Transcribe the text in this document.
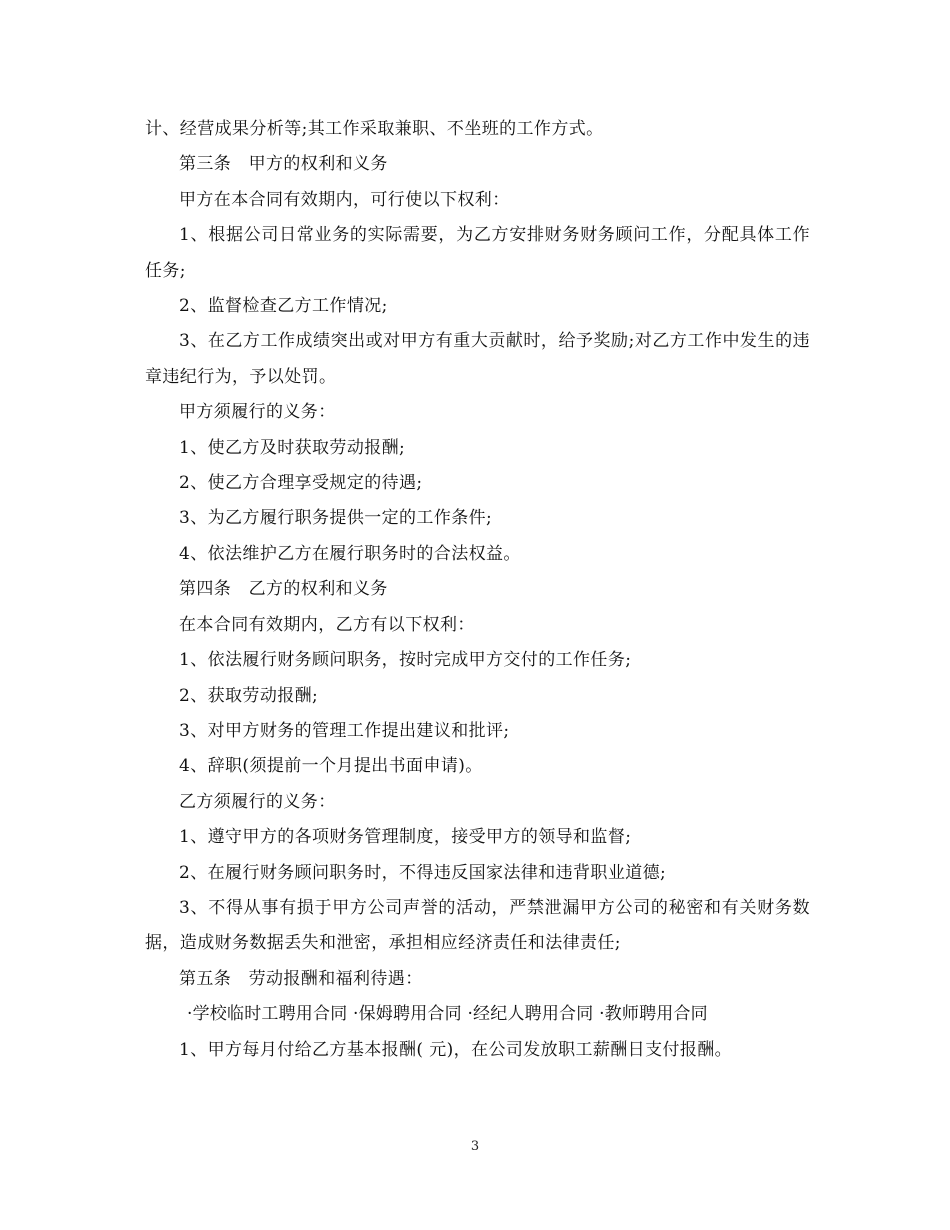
计、经营成果分析等;其工作采取兼职、不坐班的工作方式。

第三条　甲方的权利和义务

甲方在本合同有效期内，可行使以下权利：

1、根据公司日常业务的实际需要，为乙方安排财务财务顾问工作，分配具体工作任务;

2、监督检查乙方工作情况;

3、在乙方工作成绩突出或对甲方有重大贡献时，给予奖励;对乙方工作中发生的违章违纪行为，予以处罚。

甲方须履行的义务：

1、使乙方及时获取劳动报酬;

2、使乙方合理享受规定的待遇;

3、为乙方履行职务提供一定的工作条件;

4、依法维护乙方在履行职务时的合法权益。

第四条　乙方的权利和义务

在本合同有效期内，乙方有以下权利：

1、依法履行财务顾问职务，按时完成甲方交付的工作任务;

2、获取劳动报酬;

3、对甲方财务的管理工作提出建议和批评;

4、辞职(须提前一个月提出书面申请)。

乙方须履行的义务：

1、遵守甲方的各项财务管理制度，接受甲方的领导和监督;

2、在履行财务顾问职务时，不得违反国家法律和违背职业道德;

3、不得从事有损于甲方公司声誉的活动，严禁泄漏甲方公司的秘密和有关财务数据，造成财务数据丢失和泄密，承担相应经济责任和法律责任;

第五条　劳动报酬和福利待遇：

·学校临时工聘用合同 ·保姆聘用合同 ·经纪人聘用合同 ·教师聘用合同

1、甲方每月付给乙方基本报酬( 元)，在公司发放职工薪酬日支付报酬。

3
